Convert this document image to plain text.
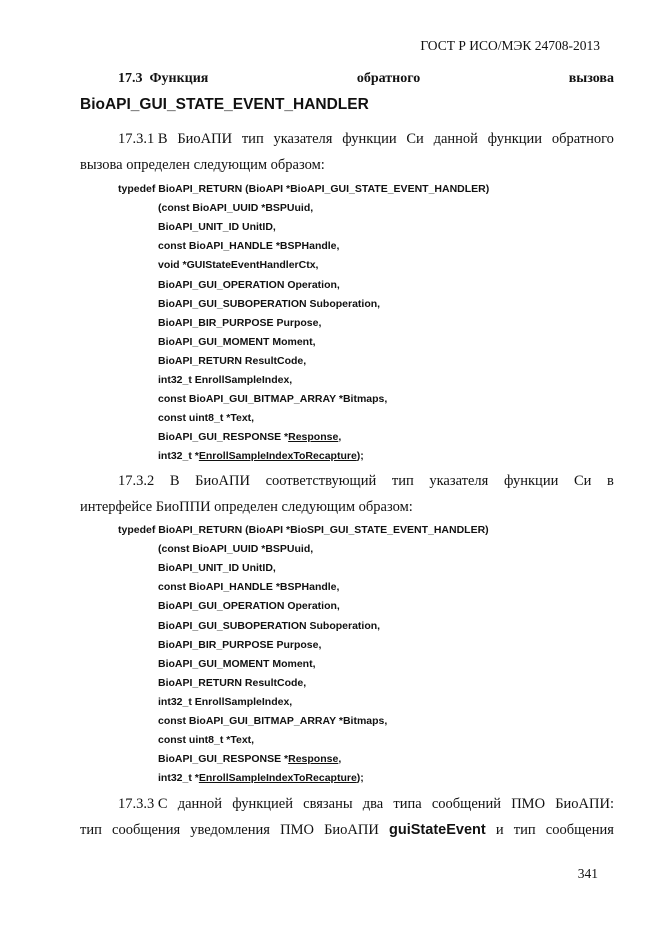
ГОСТ Р ИСО/МЭК 24708-2013
17.3 Функция	обратного	вызова
BioAPI_GUI_STATE_EVENT_HANDLER
17.3.1 В БиоАПИ тип указателя функции Си данной функции обратного
вызова определен следующим образом:
typedef BioAPI_RETURN (BioAPI *BioAPI_GUI_STATE_EVENT_HANDLER)
(const BioAPI_UUID *BSPUuid,
BioAPI_UNIT_ID UnitID,
const BioAPI_HANDLE *BSPHandle,
void *GUIStateEventHandlerCtx,
BioAPI_GUI_OPERATION Operation,
BioAPI_GUI_SUBOPERATION Suboperation,
BioAPI_BIR_PURPOSE Purpose,
BioAPI_GUI_MOMENT Moment,
BioAPI_RETURN ResultCode,
int32_t EnrollSampleIndex,
const BioAPI_GUI_BITMAP_ARRAY *Bitmaps,
const uint8_t *Text,
BioAPI_GUI_RESPONSE *Response,
int32_t *EnrollSampleIndexToRecapture);
17.3.2 В БиоАПИ соответствующий тип указателя функции Си в
интерфейсе БиоППИ определен следующим образом:
typedef BioAPI_RETURN (BioAPI *BioSPI_GUI_STATE_EVENT_HANDLER)
(const BioAPI_UUID *BSPUuid,
BioAPI_UNIT_ID UnitID,
const BioAPI_HANDLE *BSPHandle,
BioAPI_GUI_OPERATION Operation,
BioAPI_GUI_SUBOPERATION Suboperation,
BioAPI_BIR_PURPOSE Purpose,
BioAPI_GUI_MOMENT Moment,
BioAPI_RETURN ResultCode,
int32_t EnrollSampleIndex,
const BioAPI_GUI_BITMAP_ARRAY *Bitmaps,
const uint8_t *Text,
BioAPI_GUI_RESPONSE *Response,
int32_t *EnrollSampleIndexToRecapture);
17.3.3 С данной функцией связаны два типа сообщений ПМО БиоАПИ:
тип сообщения уведомления ПМО БиоАПИ guiStateEvent и тип сообщения
341
